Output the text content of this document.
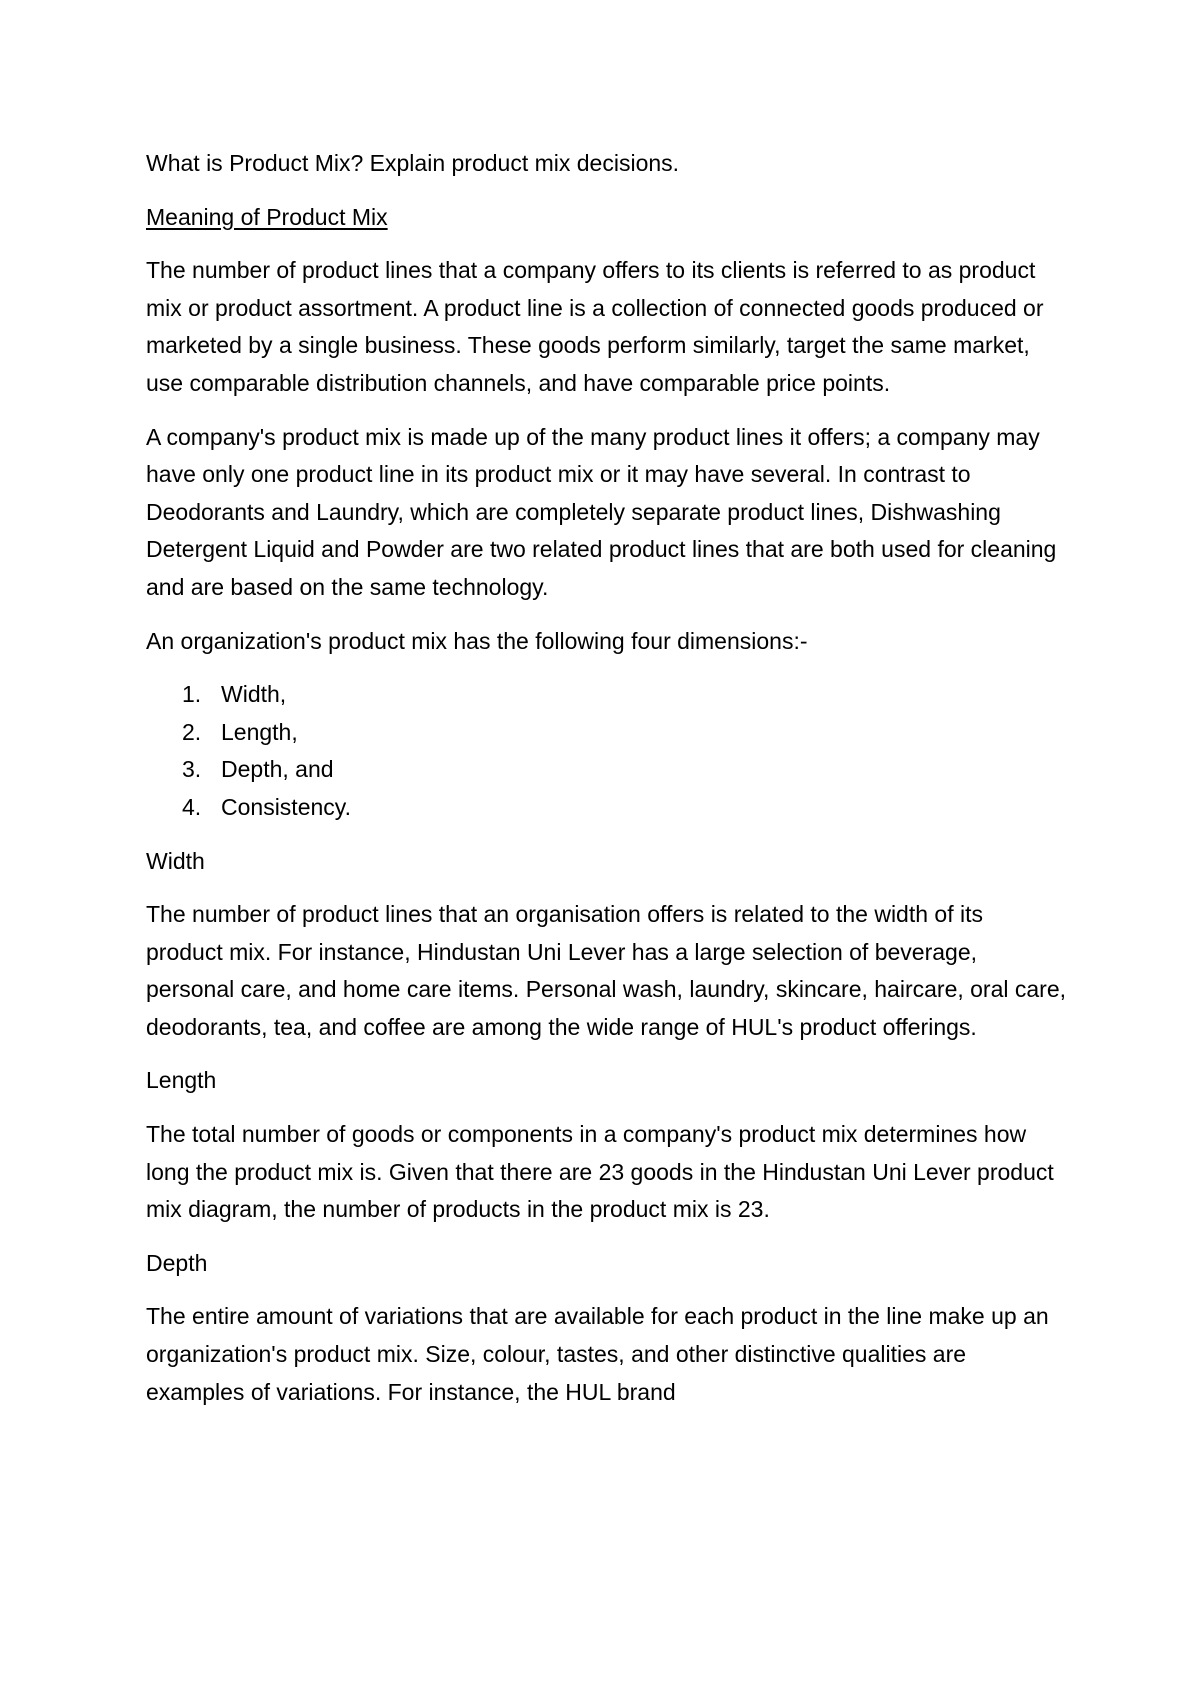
What is Product Mix? Explain product mix decisions.

Meaning of Product Mix

The number of product lines that a company offers to its clients is referred to as product mix or product assortment. A product line is a collection of connected goods produced or marketed by a single business. These goods perform similarly, target the same market, use comparable distribution channels, and have comparable price points.

A company's product mix is made up of the many product lines it offers; a company may have only one product line in its product mix or it may have several. In contrast to Deodorants and Laundry, which are completely separate product lines, Dishwashing Detergent Liquid and Powder are two related product lines that are both used for cleaning and are based on the same technology.

An organization's product mix has the following four dimensions:-

1. Width,
2. Length,
3. Depth, and
4. Consistency.

Width

The number of product lines that an organisation offers is related to the width of its product mix. For instance, Hindustan Uni Lever has a large selection of beverage, personal care, and home care items. Personal wash, laundry, skincare, haircare, oral care, deodorants, tea, and coffee are among the wide range of HUL's product offerings.

Length

The total number of goods or components in a company's product mix determines how long the product mix is. Given that there are 23 goods in the Hindustan Uni Lever product mix diagram, the number of products in the product mix is 23.

Depth

The entire amount of variations that are available for each product in the line make up an organization's product mix. Size, colour, tastes, and other distinctive qualities are examples of variations. For instance, the HUL brand
